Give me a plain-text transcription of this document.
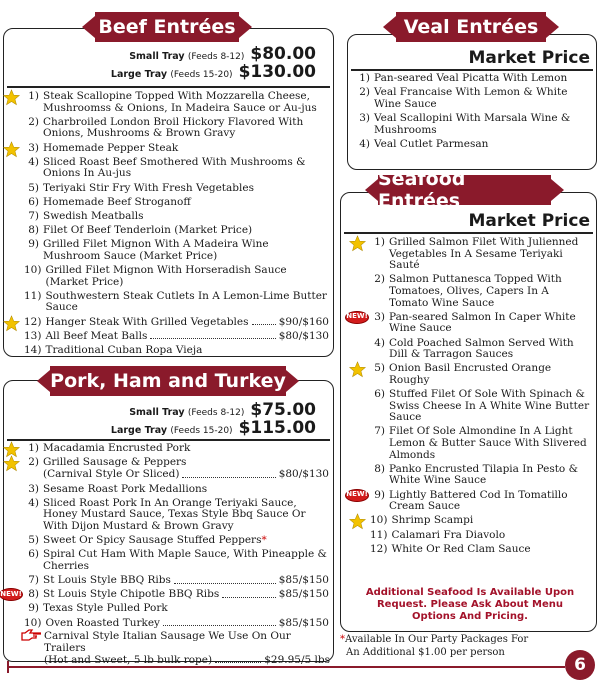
Beef Entrées
Small Tray (Feeds 8-12) $80.00
Large Tray (Feeds 15-20) $130.00
1) Steak Scallopine Topped With Mozzarella Cheese, Mushroomss & Onions, In Madeira Sauce or Au-jus
2) Charbroiled London Broil Hickory Flavored With Onions, Mushrooms & Brown Gravy
3) Homemade Pepper Steak
4) Sliced Roast Beef Smothered With Mushrooms & Onions In Au-jus
5) Teriyaki Stir Fry With Fresh Vegetables
6) Homemade Beef Stroganoff
7) Swedish Meatballs
8) Filet Of Beef Tenderloin (Market Price)
9) Grilled Filet Mignon With A Madeira Wine Mushroom Sauce (Market Price)
10) Grilled Filet Mignon With Horseradish Sauce (Market Price)
11) Southwestern Steak Cutlets In A Lemon-Lime Butter Sauce
12) Hanger Steak With Grilled Vegetables	$90/$160
13) All Beef Meat Balls	$80/$130
14) Traditional Cuban Ropa Vieja
Veal Entrées
Market Price
1) Pan-seared Veal Picatta With Lemon
2) Veal Francaise With Lemon & White Wine Sauce
3) Veal Scallopini With Marsala Wine & Mushrooms
4) Veal Cutlet Parmesan
Seafood Entrées
Market Price
1) Grilled Salmon Filet With Julienned Vegetables In A Sesame Teriyaki Sauté
2) Salmon Puttanesca Topped With Tomatoes, Olives, Capers In A Tomato Wine Sauce
3) Pan-seared Salmon In Caper White Wine Sauce
NEW!
4) Cold Poached Salmon Served With Dill & Tarragon Sauces
5) Onion Basil Encrusted Orange Roughy
6) Stuffed Filet Of Sole With Spinach & Swiss Cheese In A White Wine Butter Sauce
7) Filet Of Sole Almondine In A Light Lemon & Butter Sauce With Slivered Almonds
8) Panko Encrusted Tilapia In Pesto & White Wine Sauce
9) Lightly Battered Cod In Tomatillo Cream Sauce
NEW!
10) Shrimp Scampi
11) Calamari Fra Diavolo
12) White Or Red Clam Sauce
Additional Seafood Is Available Upon Request. Please Ask About Menu Options And Pricing.
Pork, Ham and Turkey
Small Tray (Feeds 8-12) $75.00
Large Tray (Feeds 15-20) $115.00
1) Macadamia Encrusted Pork
2) Grilled Sausage & Peppers
(Carnival Style Or Sliced)	$80/$130
3) Sesame Roast Pork Medallions
4) Sliced Roast Pork In An Orange Teriyaki Sauce, Honey Mustard Sauce, Texas Style Bbq Sauce Or With Dijon Mustard & Brown Gravy
5) Sweet Or Spicy Sausage Stuffed Peppers*
6) Spiral Cut Ham With Maple Sauce, With Pineapple & Cherries
7) St Louis Style BBQ Ribs	$85/$150
8) St Louis Style Chipotle BBQ Ribs	$85/$150
NEW!
9) Texas Style Pulled Pork
10) Oven Roasted Turkey	$85/$150
Carnival Style Italian Sausage We Use On Our Trailers
(Hot and Sweet, 5 lb bulk rope)	$29.95/5 lbs
*Available In Our Party Packages For
An Additional $1.00 per person
6
